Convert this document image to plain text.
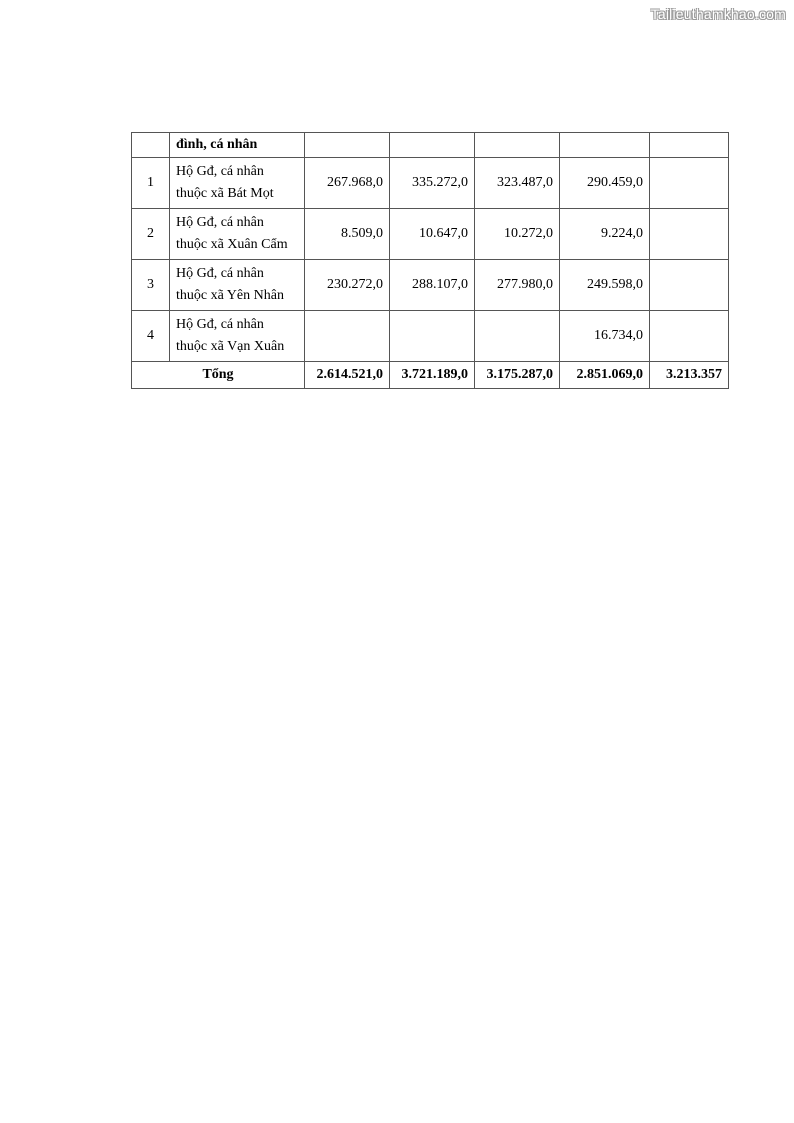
Tailieuthamkhao.com
	đình, cá nhân					
1	Hộ Gđ, cá nhân
thuộc xã Bát Mọt	267.968,0	335.272,0	323.487,0	290.459,0	
2	Hộ Gđ, cá nhân
thuộc xã Xuân Cẩm	8.509,0	10.647,0	10.272,0	9.224,0	
3	Hộ Gđ, cá nhân
thuộc xã Yên Nhân	230.272,0	288.107,0	277.980,0	249.598,0	
4	Hộ Gđ, cá nhân
thuộc xã Vạn Xuân				16.734,0	
Tổng		2.614.521,0	3.721.189,0	3.175.287,0	2.851.069,0	3.213.357
